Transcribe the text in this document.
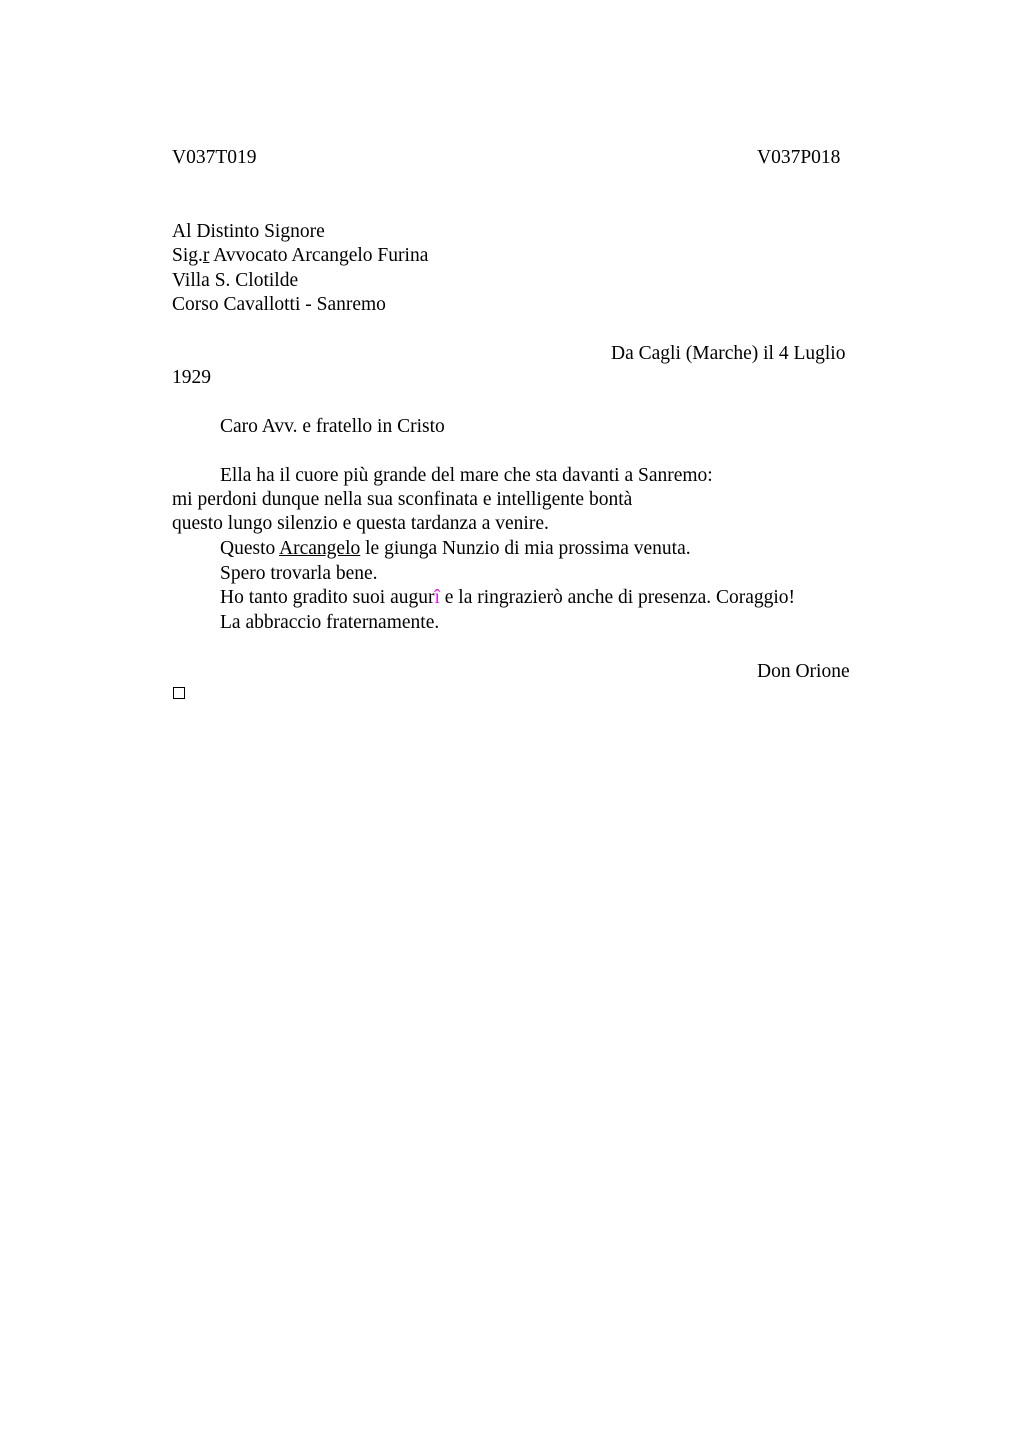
V037T019	V037P018

Al Distinto Signore

Sig.r Avvocato Arcangelo Furina

Villa S. Clotilde

Corso Cavallotti - Sanremo

Da Cagli (Marche) il 4 Luglio

1929

Caro Avv. e fratello in Cristo

Ella ha il cuore più grande del mare che sta davanti a Sanremo:

mi perdoni dunque nella sua sconfinata e intelligente bontà

questo lungo silenzio e questa tardanza a venire.

Questo Arcangelo le giunga Nunzio di mia prossima venuta.

Spero trovarla bene.

Ho tanto gradito suoi augurî e la ringrazierò anche di presenza. Coraggio!

La abbraccio fraternamente.

Don Orione
